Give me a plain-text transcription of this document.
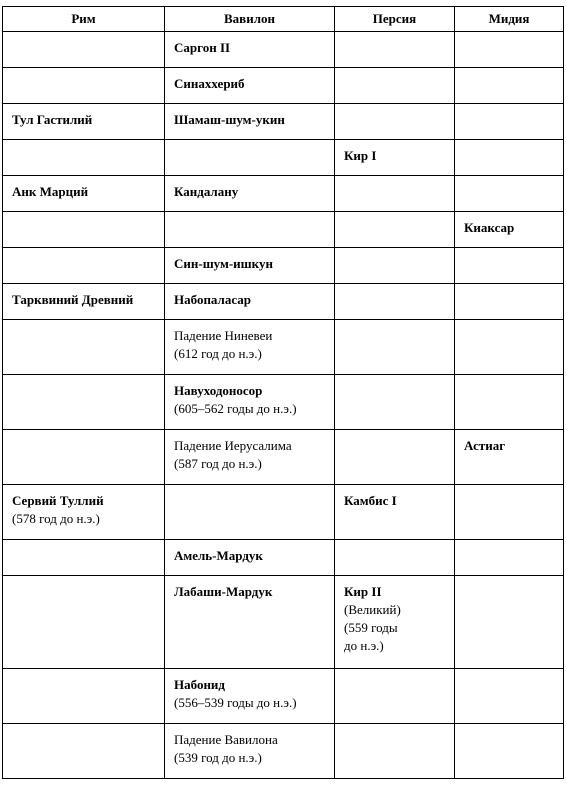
Рим	Вавилон	Персия	Мидия

	Саргон II		

	Синаххериб		

Тул Гастилий	Шамаш-шум-укин		

		Кир I	

Анк Марций	Кандалану		

			Киаксар

	Син-шум-ишкун		

Тарквиний Древний	Набопаласар		

	Падение Ниневеи
(612 год до н.э.)		

	Навуходоносор
(605–562 годы до н.э.)		

	Падение Иерусалима
(587 год до н.э.)		Астиаг

Сервий Туллий
(578 год до н.э.)		Камбис I	

	Амель-Мардук		

	Лабаши-Мардук	Кир II
(Великий)
(559 годы
до н.э.)	

	Набонид
(556–539 годы до н.э.)		

	Падение Вавилона
(539 год до н.э.)		
